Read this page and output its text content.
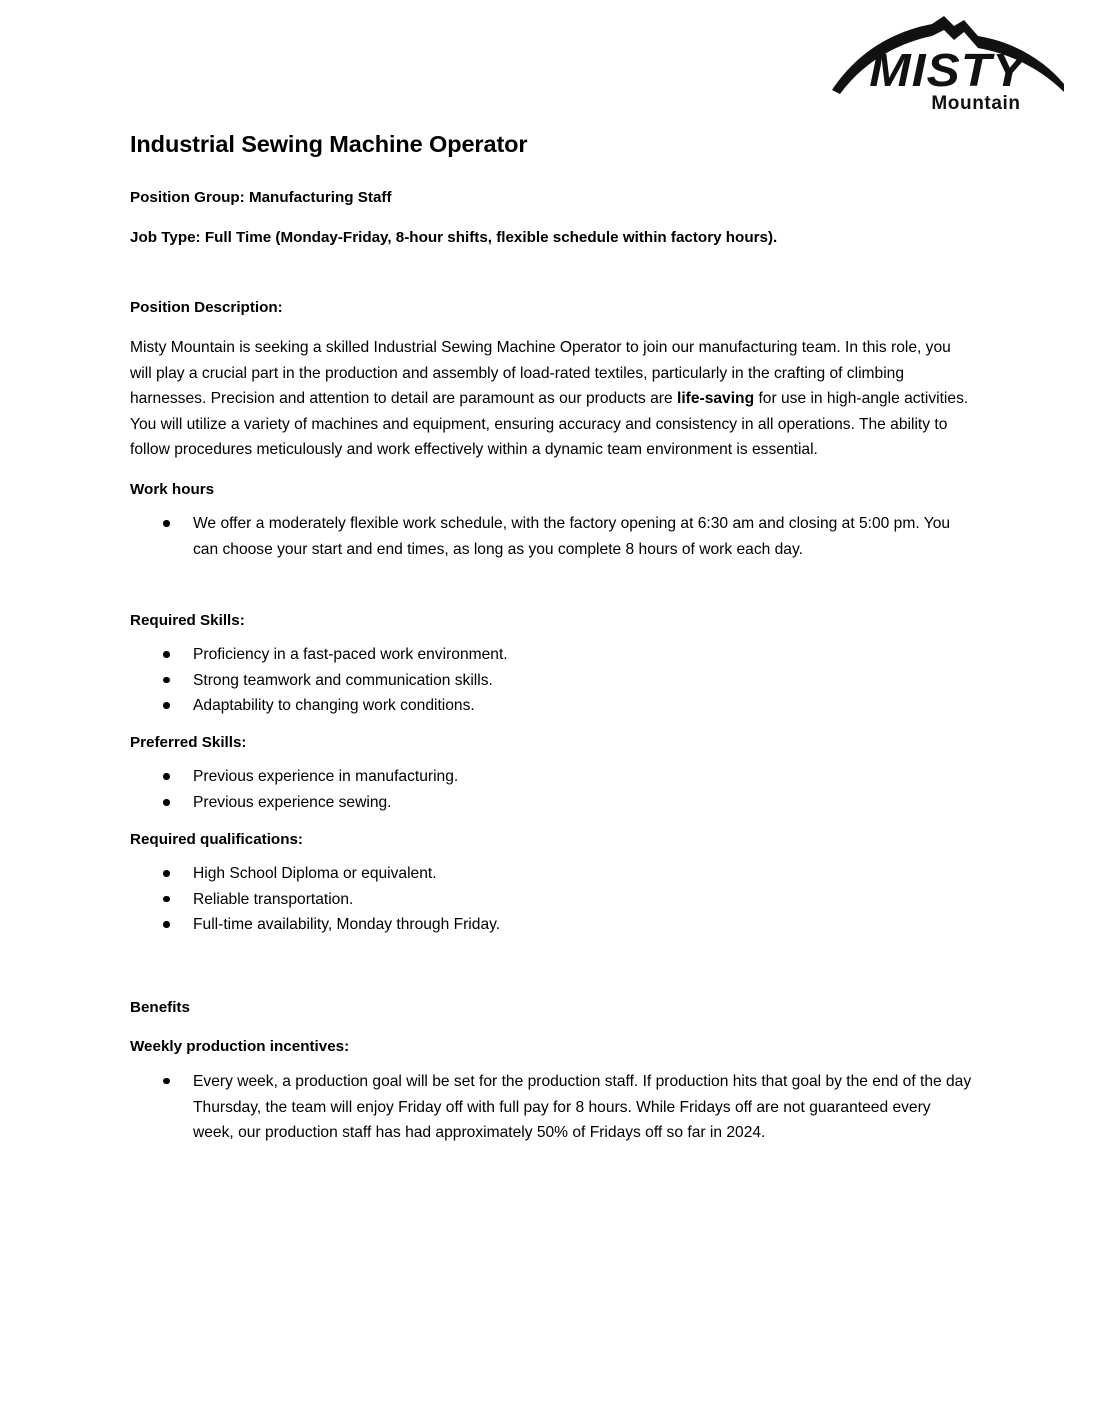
MISTY
Mountain
Industrial Sewing Machine Operator

Position Group: Manufacturing Staff

Job Type: Full Time (Monday-Friday, 8-hour shifts, flexible schedule within factory hours).

Position Description:

Misty Mountain is seeking a skilled Industrial Sewing Machine Operator to join our manufacturing team. In this role, you will play a crucial part in the production and assembly of load-rated textiles, particularly in the crafting of climbing harnesses. Precision and attention to detail are paramount as our products are life-saving for use in high-angle activities. You will utilize a variety of machines and equipment, ensuring accuracy and consistency in all operations. The ability to follow procedures meticulously and work effectively within a dynamic team environment is essential.

Work hours
We offer a moderately flexible work schedule, with the factory opening at 6:30 am and closing at 5:00 pm. You can choose your start and end times, as long as you complete 8 hours of work each day.
Required Skills:
Proficiency in a fast-paced work environment.
Strong teamwork and communication skills.
Adaptability to changing work conditions.
Preferred Skills:
Previous experience in manufacturing.
Previous experience sewing.
Required qualifications:
High School Diploma or equivalent.
Reliable transportation.
Full-time availability, Monday through Friday.
Benefits
Weekly production incentives:
Every week, a production goal will be set for the production staff. If production hits that goal by the end of the day Thursday, the team will enjoy Friday off with full pay for 8 hours. While Fridays off are not guaranteed every week, our production staff has had approximately 50% of Fridays off so far in 2024.
